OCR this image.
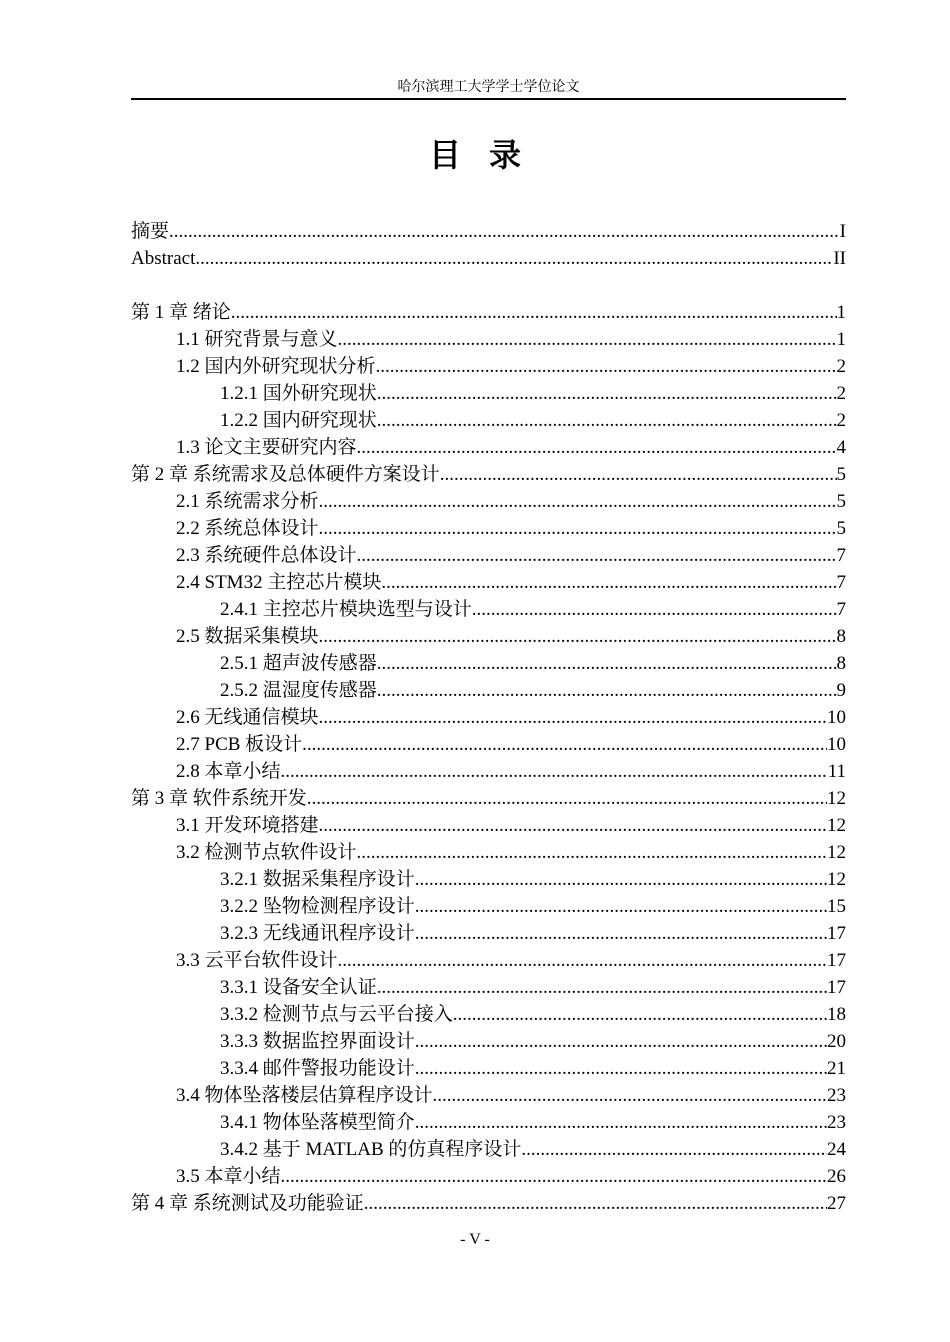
哈尔滨理工大学学士学位论文
目录
摘要 .....	I
Abstract .....	II
第 1 章 绪论 .....	1
1.1 研究背景与意义 .....	1
1.2 国内外研究现状分析 .....	2
1.2.1 国外研究现状 .....	2
1.2.2 国内研究现状 .....	2
1.3 论文主要研究内容 .....	4
第 2 章 系统需求及总体硬件方案设计 .....	5
2.1 系统需求分析 .....	5
2.2 系统总体设计 .....	5
2.3 系统硬件总体设计 .....	7
2.4 STM32 主控芯片模块 .....	7
2.4.1 主控芯片模块选型与设计 .....	7
2.5 数据采集模块 .....	8
2.5.1 超声波传感器 .....	8
2.5.2 温湿度传感器 .....	9
2.6 无线通信模块 .....	10
2.7 PCB 板设计 .....	10
2.8 本章小结 .....	11
第 3 章 软件系统开发 .....	12
3.1 开发环境搭建 .....	12
3.2 检测节点软件设计 .....	12
3.2.1 数据采集程序设计 .....	12
3.2.2 坠物检测程序设计 .....	15
3.2.3 无线通讯程序设计 .....	17
3.3 云平台软件设计 .....	17
3.3.1 设备安全认证 .....	17
3.3.2 检测节点与云平台接入 .....	18
3.3.3 数据监控界面设计 .....	20
3.3.4 邮件警报功能设计 .....	21
3.4 物体坠落楼层估算程序设计 .....	23
3.4.1 物体坠落模型简介 .....	23
3.4.2 基于 MATLAB 的仿真程序设计 .....	24
3.5 本章小结 .....	26
第 4 章 系统测试及功能验证 .....	27
- V -
